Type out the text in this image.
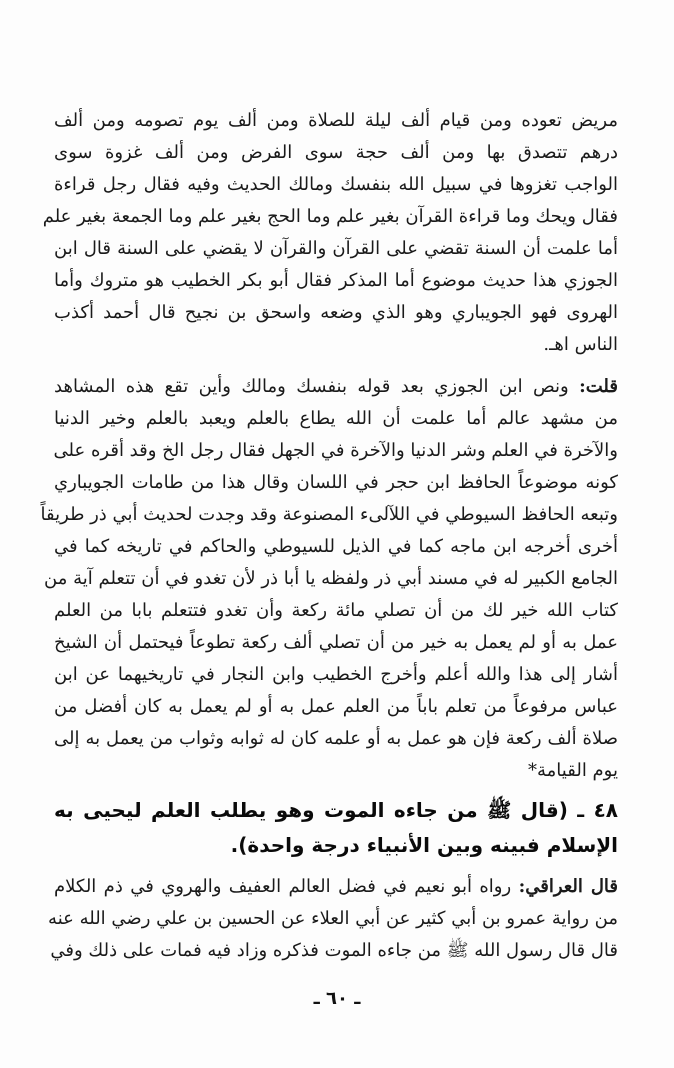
مريض تعوده ومن قيام ألف ليلة للصلاة ومن ألف يوم تصومه ومن ألف
درهم تتصدق بها ومن ألف حجة سوى الفرض ومن ألف غزوة سوى
الواجب تغزوها في سبيل الله بنفسك ومالك الحديث وفيه فقال رجل قراءة
فقال ويحك وما قراءة القرآن بغير علم وما الحج بغير علم وما الجمعة بغير علم
أما علمت أن السنة تقضي على القرآن والقرآن لا يقضي على السنة قال ابن
الجوزي هذا حديث موضوع أما المذكر فقال أبو بكر الخطيب هو متروك وأما
الهروى فهو الجويباري وهو الذي وضعه واسحق بن نجيح قال أحمد أكذب
الناس اهـ.
قلت: ونص ابن الجوزي بعد قوله بنفسك ومالك وأين تقع هذه المشاهد
من مشهد عالم أما علمت أن الله يطاع بالعلم ويعبد بالعلم وخير الدنيا
والآخرة في العلم وشر الدنيا والآخرة في الجهل فقال رجل الخ وقد أقره على
كونه موضوعاً الحافظ ابن حجر في اللسان وقال هذا من طامات الجويباري
وتبعه الحافظ السيوطي في اللآلىء المصنوعة وقد وجدت لحديث أبي ذر طريقاً
أخرى أخرجه ابن ماجه كما في الذيل للسيوطي والحاكم في تاريخه كما في
الجامع الكبير له في مسند أبي ذر ولفظه يا أبا ذر لأن تغدو في أن تتعلم آية من
كتاب الله خير لك من أن تصلي مائة ركعة وأن تغدو فتتعلم بابا من العلم
عمل به أو لم يعمل به خير من أن تصلي ألف ركعة تطوعاً فيحتمل أن الشيخ
أشار إلى هذا والله أعلم وأخرج الخطيب وابن النجار في تاريخيهما عن ابن
عباس مرفوعاً من تعلم باباً من العلم عمل به أو لم يعمل به كان أفضل من
صلاة ألف ركعة فإن هو عمل به أو علمه كان له ثوابه وثواب من يعمل به إلى
يوم القيامة*
٤٨ ـ (قال ﷺ من جاءه الموت وهو يطلب العلم ليحيى به
الإسلام فبينه وبين الأنبياء درجة واحدة).
قال العراقي: رواه أبو نعيم في فضل العالم العفيف والهروي في ذم الكلام
من رواية عمرو بن أبي كثير عن أبي العلاء عن الحسين بن علي رضي الله عنه
قال قال رسول الله ﷺ من جاءه الموت فذكره وزاد فيه فمات على ذلك وفي
ـ ٦٠ ـ
